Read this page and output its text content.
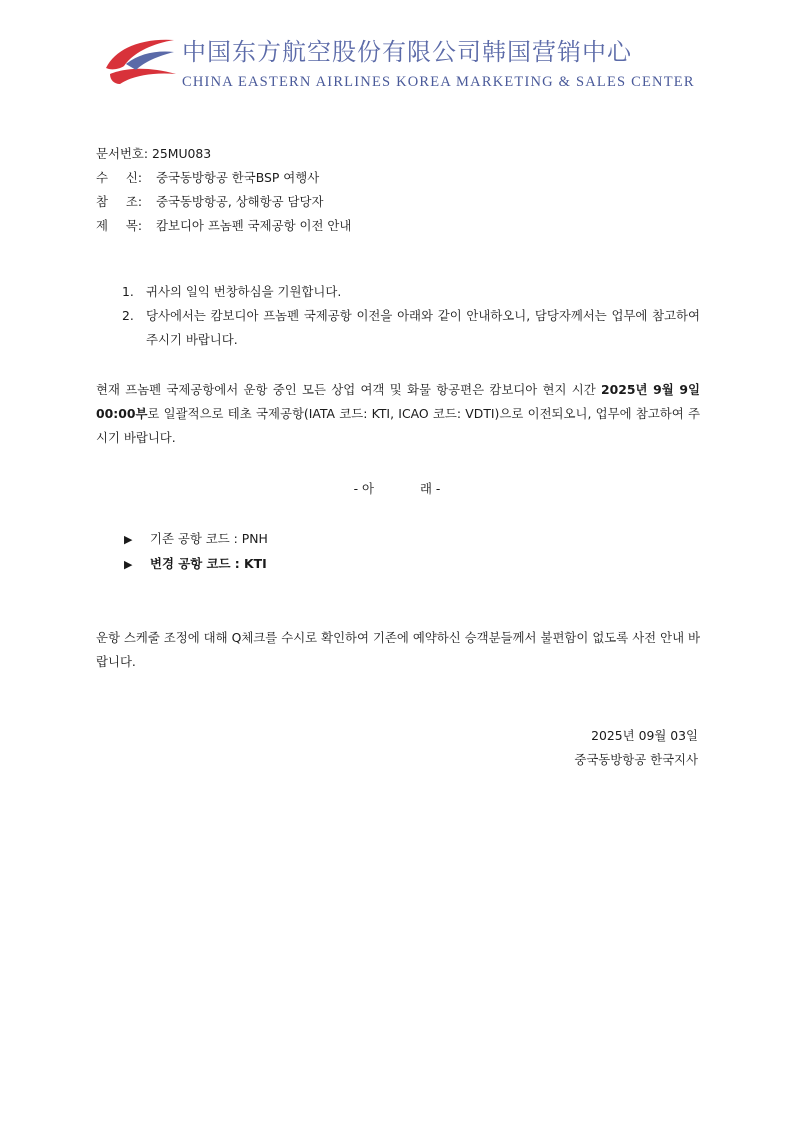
中国东方航空股份有限公司韩国营销中心
CHINA EASTERN AIRLINES KOREA MARKETING & SALES CENTER
문서번호: 25MU083
수 신: 중국동방항공 한국BSP 여행사
참 조: 중국동방항공, 상해항공 담당자
제 목: 캄보디아 프놈펜 국제공항 이전 안내
1. 귀사의 일익 번창하심을 기원합니다.
2. 당사에서는 캄보디아 프놈펜 국제공항 이전을 아래와 같이 안내하오니, 담당자께서는 업무에 참고하여 주시기 바랍니다.
현재 프놈펜 국제공항에서 운항 중인 모든 상업 여객 및 화물 항공편은 캄보디아 현지 시간 2025년 9월 9일 00:00부로 일괄적으로 테초 국제공항(IATA 코드: KTI, ICAO 코드: VDTI)으로 이전되오니, 업무에 참고하여 주시기 바랍니다.
- 아	래 -
▶ 기존 공항 코드 : PNH
▶ 변경 공항 코드 : KTI
운항 스케줄 조정에 대해 Q체크를 수시로 확인하여 기존에 예약하신 승객분들께서 불편함이 없도록 사전 안내 바랍니다.
2025년 09월 03일
중국동방항공 한국지사
